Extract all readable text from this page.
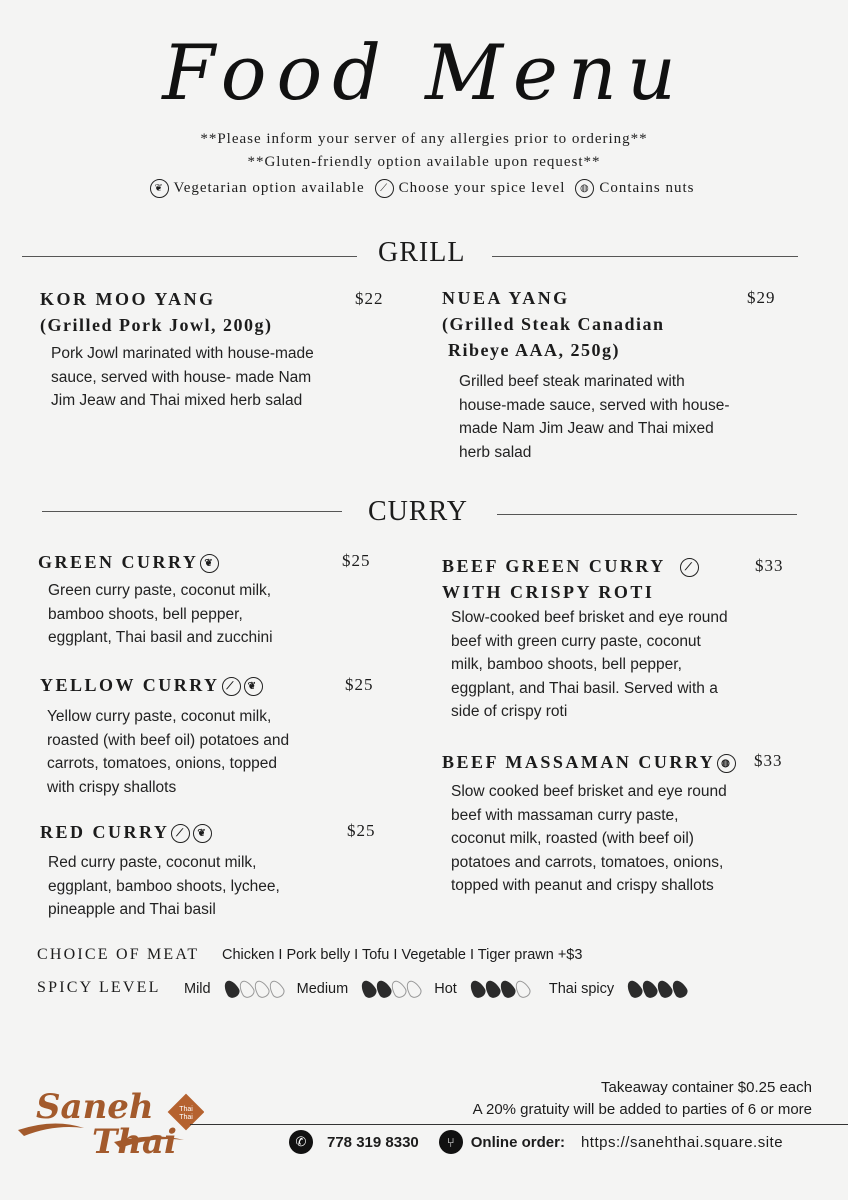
Food Menu
**Please inform your server of any allergies prior to ordering**
**Gluten-friendly option available upon request**
❦ Vegetarian option available	⟋ Choose your spice level	◍ Contains nuts
GRILL
KOR MOO YANG
(Grilled Pork Jowl, 200g)
$22
Pork Jowl marinated with house-made
sauce, served with house- made Nam
Jim Jeaw and Thai mixed herb salad
NUEA YANG
(Grilled Steak Canadian
Ribeye AAA, 250g)
$29
Grilled beef steak marinated with
house-made sauce, served with house-
made Nam Jim Jeaw and Thai mixed
herb salad
CURRY
GREEN CURRY ❦	$25
Green curry paste, coconut milk,
bamboo shoots, bell pepper,
eggplant, Thai basil and zucchini
YELLOW CURRY ⟋	❦	$25
Yellow curry paste, coconut milk,
roasted (with beef oil) potatoes and
carrots, tomatoes, onions, topped
with crispy shallots
RED CURRY ⟋	❦	$25
Red curry paste, coconut milk,
eggplant, bamboo shoots, lychee,
pineapple and Thai basil
BEEF GREEN CURRY	⟋
WITH CRISPY ROTI
$33
Slow-cooked beef brisket and eye round
beef with green curry paste, coconut
milk, bamboo shoots, bell pepper,
eggplant, and Thai basil. Served with a
side of crispy roti
BEEF MASSAMAN CURRY ◍ $33
Slow cooked beef brisket and eye round
beef with massaman curry paste,
coconut milk, roasted (with beef oil)
potatoes and carrots, tomatoes, onions,
topped with peanut and crispy shallots
CHOICE OF MEAT Chicken I Pork belly I Tofu I Vegetable I Tiger prawn +$3
SPICY LEVEL Mild	Medium	Hot	Thai spicy
Saneh
Thai
Thai
Thai
Takeaway container $0.25 each
A 20% gratuity will be added to parties of 6 or more
✆	778 319 8330	⑂	Online order: https://sanehthai.square.site
